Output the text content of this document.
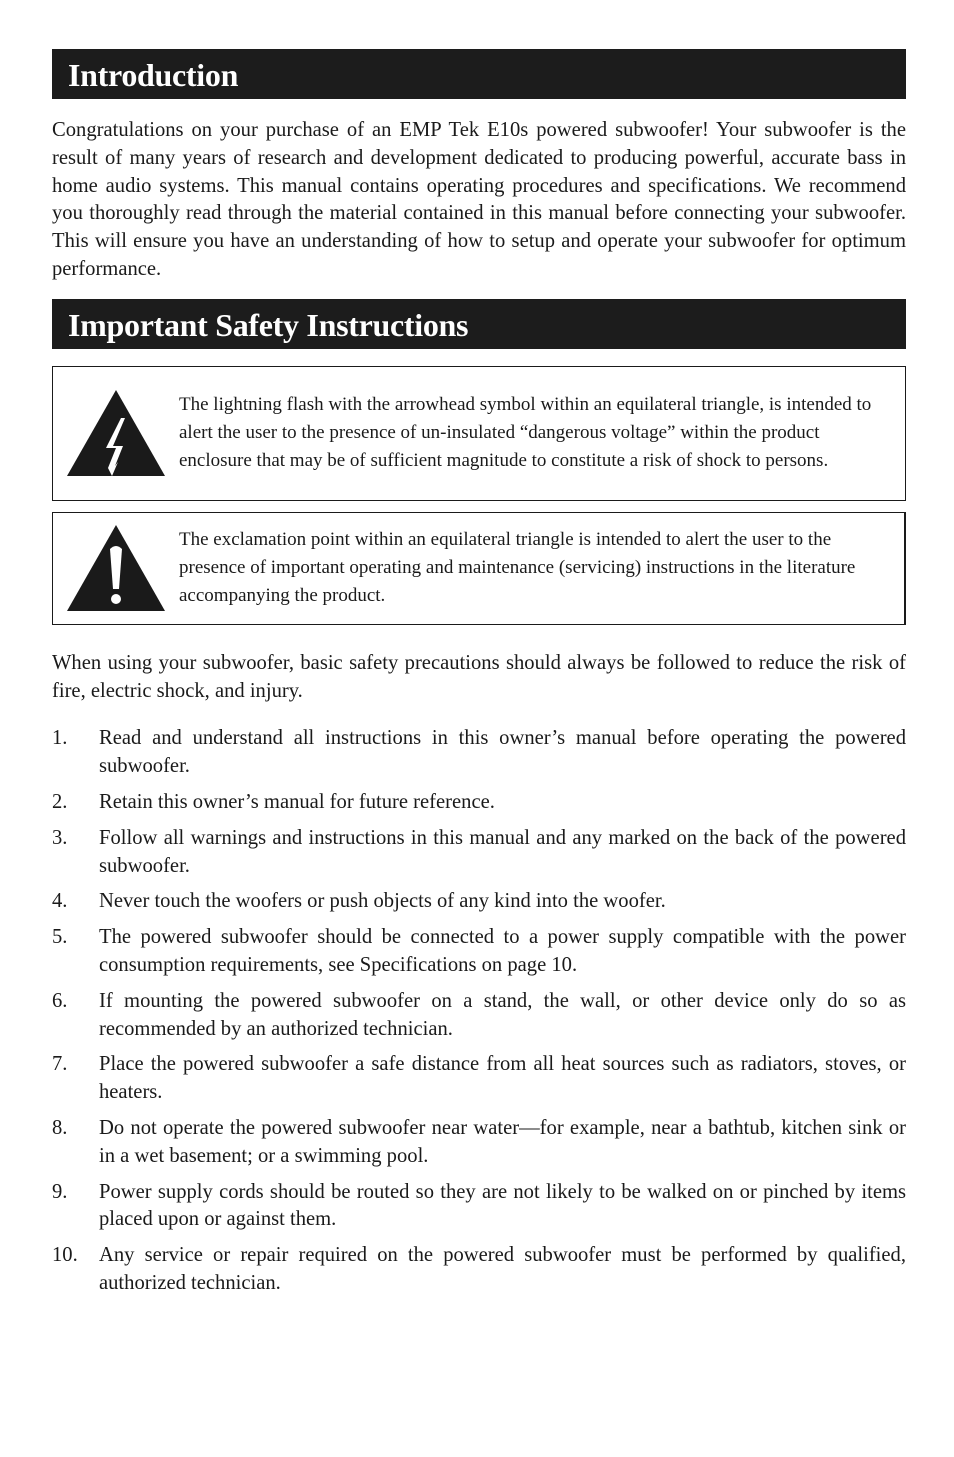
Introduction
Congratulations on your purchase of an EMP Tek E10s powered subwoofer! Your subwoofer is the result of many years of research and development dedicated to producing powerful, accurate bass in home audio systems. This manual contains operating procedures and specifications. We recommend you thoroughly read through the material contained in this manual before connecting your subwoofer. This will ensure you have an understanding of how to setup and operate your subwoofer for optimum performance.
Important Safety Instructions
The lightning flash with the arrowhead symbol within an equilateral triangle, is intended to alert the user to the presence of un-insulated “dangerous voltage” within the product enclosure that may be of sufficient magnitude to constitute a risk of shock to persons.
The exclamation point within an equilateral triangle is intended to alert the user to the presence of important operating and maintenance (servicing) instructions in the literature accompanying the product.
When using your subwoofer, basic safety precautions should always be followed to reduce the risk of fire, electric shock, and injury.
1.	Read and understand all instructions in this owner’s manual before operating the powered subwoofer.
2.	Retain this owner’s manual for future reference.
3.	Follow all warnings and instructions in this manual and any marked on the back of the powered subwoofer.
4.	Never touch the woofers or push objects of any kind into the woofer.
5.	The powered subwoofer should be connected to a power supply compatible with the power consumption requirements, see Specifications on page 10.
6.	If mounting the powered subwoofer on a stand, the wall, or other device only do so as recommended by an authorized technician.
7.	Place the powered subwoofer a safe distance from all heat sources such as radiators, stoves, or heaters.
8.	Do not operate the powered subwoofer near water—for example, near a bathtub, kitchen sink or in a wet basement; or a swimming pool.
9.	Power supply cords should be routed so they are not likely to be walked on or pinched by items placed upon or against them.
10.	Any service or repair required on the powered subwoofer must be performed by qualified, authorized technician.
